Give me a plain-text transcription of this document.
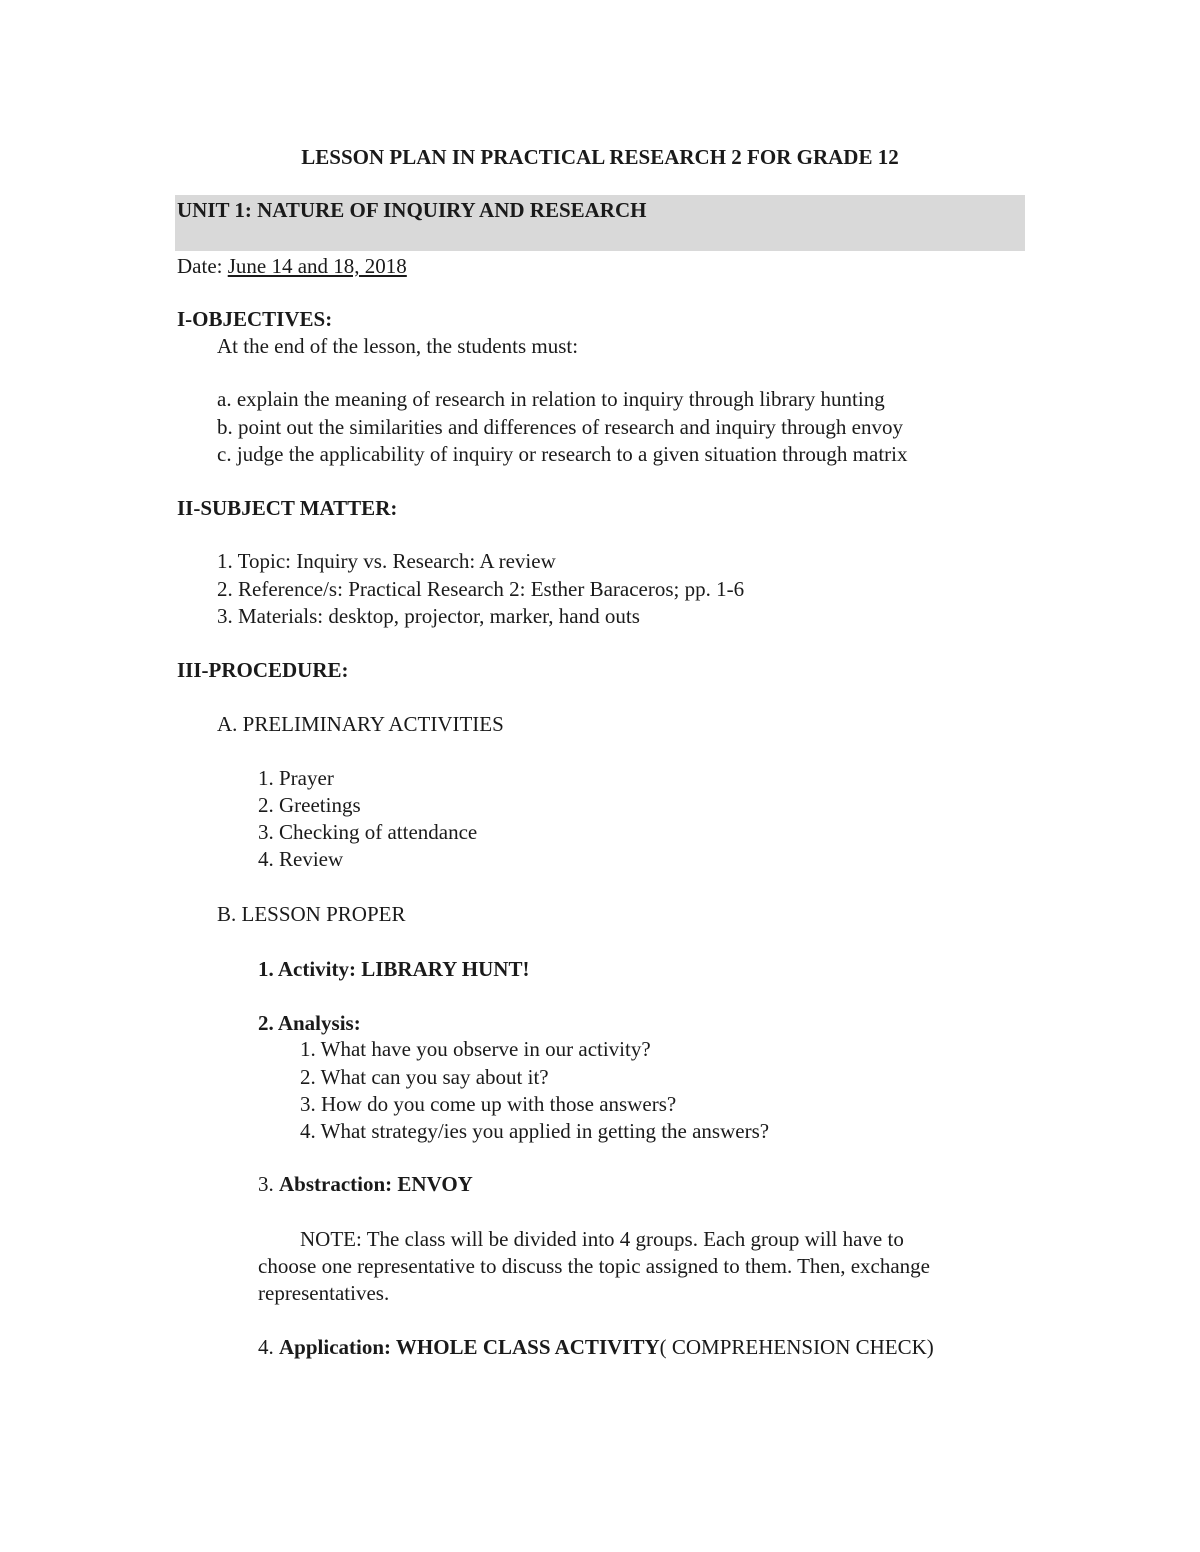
LESSON PLAN IN PRACTICAL RESEARCH 2 FOR GRADE 12
UNIT 1: NATURE OF INQUIRY AND RESEARCH
Date: June 14 and 18, 2018
I-OBJECTIVES:
At the end of the lesson, the students must:
a. explain the meaning of research in relation to inquiry through library hunting
b. point out the similarities and differences of research and inquiry through envoy
c. judge the applicability of inquiry or research to a given situation through matrix
II-SUBJECT MATTER:
1. Topic: Inquiry vs. Research: A review
2. Reference/s: Practical Research 2: Esther Baraceros; pp. 1-6
3. Materials: desktop, projector, marker, hand outs
III-PROCEDURE:
A. PRELIMINARY ACTIVITIES
1. Prayer
2. Greetings
3. Checking of attendance
4. Review
B. LESSON PROPER
1. Activity: LIBRARY HUNT!
2. Analysis:
1. What have you observe in our activity?
2. What can you say about it?
3. How do you come up with those answers?
4. What strategy/ies you applied in getting the answers?
3. Abstraction: ENVOY
NOTE: The class will be divided into 4 groups. Each group will have to
choose one representative to discuss the topic assigned to them. Then, exchange
representatives.
4. Application: WHOLE CLASS ACTIVITY( COMPREHENSION CHECK)
